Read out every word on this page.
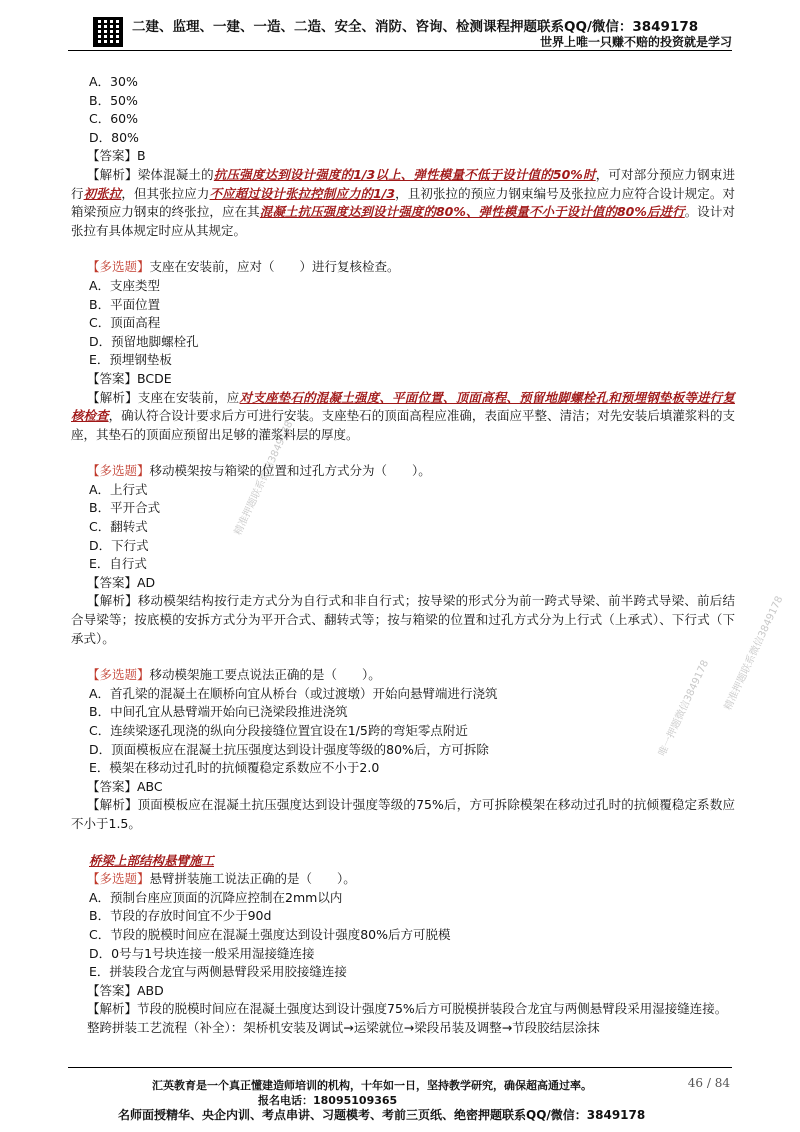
二建、监理、一建、一造、二造、安全、消防、咨询、检测课程押题联系QQ/微信：3849178
世界上唯一只赚不赔的投资就是学习
精准押题联系微信3849178
唯一押题微信3849178	精准押题联系微信3849178

A．30%

B．50%

C．60%

D．80%

【答案】B

【解析】梁体混凝土的抗压强度达到设计强度的1/3以上、弹性模量不低于设计值的50%时，可对部分预应力钢束进行初张拉，但其张拉应力不应超过设计张拉控制应力的1/3，且初张拉的预应力钢束编号及张拉应力应符合设计规定。对箱梁预应力钢束的终张拉，应在其混凝土抗压强度达到设计强度的80%、弹性模量不小于设计值的80%后进行。设计对张拉有具体规定时应从其规定。

【多选题】支座在安装前，应对（　　）进行复核检查。

A．支座类型

B．平面位置

C．顶面高程

D．预留地脚螺栓孔

E．预埋钢垫板

【答案】BCDE

【解析】支座在安装前，应对支座垫石的混凝土强度、平面位置、顶面高程、预留地脚螺栓孔和预埋钢垫板等进行复核检查，确认符合设计要求后方可进行安装。支座垫石的顶面高程应准确，表面应平整、清洁；对先安装后填灌浆料的支座，其垫石的顶面应预留出足够的灌浆料层的厚度。

【多选题】移动模架按与箱梁的位置和过孔方式分为（　　）。

A．上行式

B．平开合式

C．翻转式

D．下行式

E．自行式

【答案】AD

【解析】移动模架结构按行走方式分为自行式和非自行式；按导梁的形式分为前一跨式导梁、前半跨式导梁、前后结合导梁等；按底模的安拆方式分为平开合式、翻转式等；按与箱梁的位置和过孔方式分为上行式（上承式）、下行式（下承式）。

【多选题】移动模架施工要点说法正确的是（　　）。

A．首孔梁的混凝土在顺桥向宜从桥台（或过渡墩）开始向悬臂端进行浇筑

B．中间孔宜从悬臂端开始向已浇梁段推进浇筑

C．连续梁逐孔现浇的纵向分段接缝位置宜设在1/5跨的弯矩零点附近

D．顶面模板应在混凝土抗压强度达到设计强度等级的80%后，方可拆除

E．模架在移动过孔时的抗倾覆稳定系数应不小于2.0

【答案】ABC

【解析】顶面模板应在混凝土抗压强度达到设计强度等级的75%后，方可拆除模架在移动过孔时的抗倾覆稳定系数应不小于1.5。

桥梁上部结构悬臂施工

【多选题】悬臂拼装施工说法正确的是（　　）。

A．预制台座应顶面的沉降应控制在2mm以内

B．节段的存放时间宜不少于90d

C．节段的脱模时间应在混凝土强度达到设计强度80%后方可脱模

D．0号与1号块连接一般采用湿接缝连接

E．拼装段合龙宜与两侧悬臂段采用胶接缝连接

【答案】ABD

【解析】节段的脱模时间应在混凝土强度达到设计强度75%后方可脱模拼装段合龙宜与两侧悬臂段采用湿接缝连接。

整跨拼装工艺流程（补全）：架桥机安装及调试→运梁就位→梁段吊装及调整→节段胶结层涂抹

汇英教育是一个真正懂建造师培训的机构，十年如一日，坚持教学研究，确保超高通过率。	46 / 84
报名电话：18095109365
名师面授精华、央企内训、考点串讲、习题模考、考前三页纸、绝密押题联系QQ/微信：3849178
